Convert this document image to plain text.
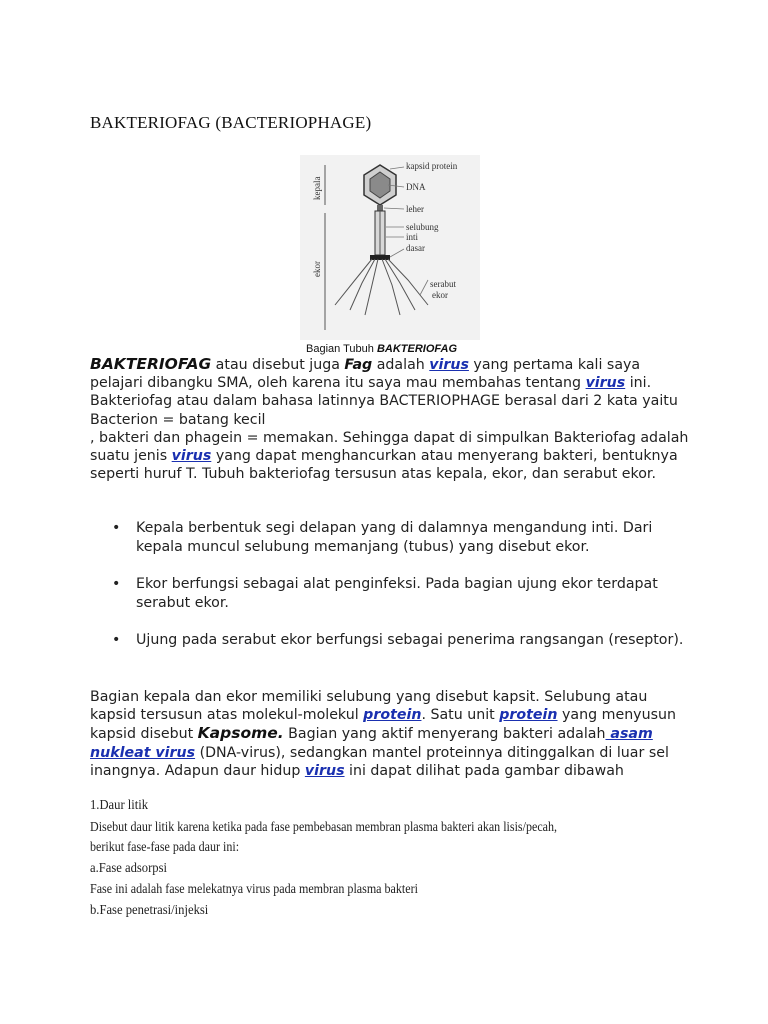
BAKTERIOFAG (BACTERIOPHAGE)
kapsid protein
DNA
leher
selubung
inti
dasar
serabut
ekor
kepala
ekor
Bagian Tubuh BAKTERIOFAG
BAKTERIOFAG atau disebut juga Fag adalah virus yang pertama kali saya pelajari dibangku SMA, oleh karena itu saya mau membahas tentang virus ini. Bakteriofag atau dalam bahasa latinnya BACTERIOPHAGE berasal dari 2 kata yaitu Bacterion = batang kecil
, bakteri dan phagein = memakan. Sehingga dapat di simpulkan Bakteriofag adalah suatu jenis virus yang dapat menghancurkan atau menyerang bakteri, bentuknya seperti huruf T. Tubuh bakteriofag tersusun atas kepala, ekor, dan serabut ekor.
• Kepala berbentuk segi delapan yang di dalamnya mengandung inti. Dari kepala muncul selubung memanjang (tubus) yang disebut ekor.
• Ekor berfungsi sebagai alat penginfeksi. Pada bagian ujung ekor terdapat serabut ekor.
• Ujung pada serabut ekor berfungsi sebagai penerima rangsangan (reseptor).
Bagian kepala dan ekor memiliki selubung yang disebut kapsit. Selubung atau kapsid tersusun atas molekul-molekul protein. Satu unit protein yang menyusun kapsid disebut Kapsome. Bagian yang aktif menyerang bakteri adalah asam nukleat virus (DNA-virus), sedangkan mantel proteinnya ditinggalkan di luar sel inangnya. Adapun daur hidup virus ini dapat dilihat pada gambar dibawah
1.Daur litik
Disebut daur litik karena ketika pada fase pembebasan membran plasma bakteri akan lisis/pecah,
berikut fase-fase pada daur ini:
a.Fase adsorpsi
Fase ini adalah fase melekatnya virus pada membran plasma bakteri
b.Fase penetrasi/injeksi
